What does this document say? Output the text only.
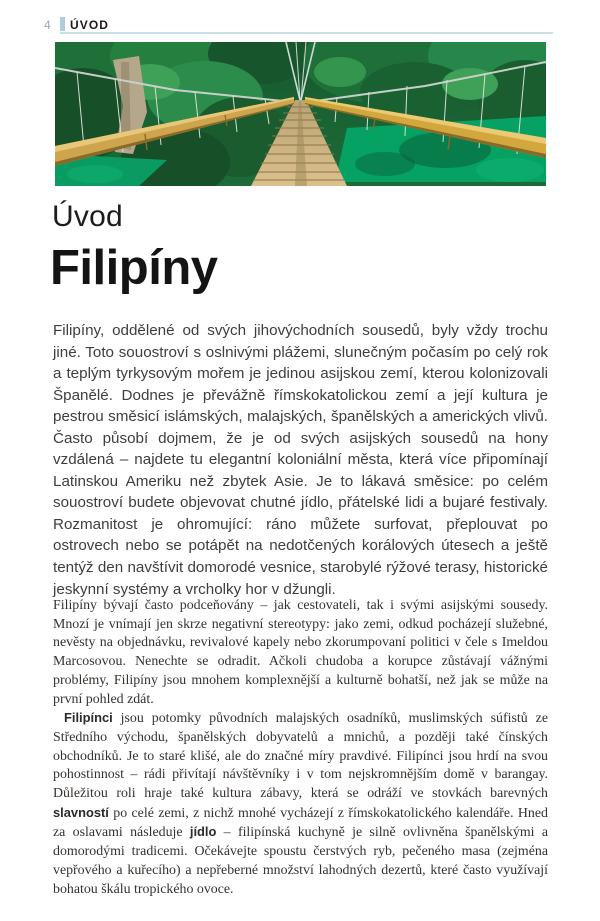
4 ÚVOD
Úvod
Filipíny
Filipíny, oddělené od svých jihovýchodních sousedů, byly vždy trochu jiné. Toto souostroví s oslnivými plážemi, slunečným počasím po celý rok a teplým tyrkysovým mořem je jedinou asijskou zemí, kterou kolonizovali Španělé. Dodnes je převážně římskokatolickou zemí a její kultura je pestrou směsicí islámských, malajských, španělských a amerických vlivů. Často působí dojmem, že je od svých asijských sousedů na hony vzdálená – najdete tu elegantní koloniální města, která více připomínají Latinskou Ameriku než zbytek Asie. Je to lákavá směsice: po celém souostroví budete objevovat chutné jídlo, přátelské lidi a bujaré festivaly. Rozmanitost je ohromující: ráno můžete surfovat, přeplouvat po ostrovech nebo se potápět na nedotčených korálových útesech a ještě tentýž den navštívit domorodé vesnice, starobylé rýžové terasy, historické jeskynní systémy a vrcholky hor v džungli.

Filipíny bývají často podceňovány – jak cestovateli, tak i svými asijskými sousedy. Mnozí je vnímají jen skrze negativní stereotypy: jako zemi, odkud pocházejí služebné, nevěsty na objednávku, revivalové kapely nebo zkorumpovaní politici v čele s Imeldou Marcosovou. Nenechte se odradit. Ačkoli chudoba a korupce zůstávají vážnými problémy, Filipíny jsou mnohem komplexnější a kulturně bohatší, než jak se může na první pohled zdát.

Filipínci jsou potomky původních malajských osadníků, muslimských súfistů ze Středního východu, španělských dobyvatelů a mnichů, a později také čínských obchodníků. Je to staré klišé, ale do značné míry pravdivé. Filipínci jsou hrdí na svou pohostinnost – rádi přivítají návštěvníky i v tom nejskromnějším domě v barangay. Důležitou roli hraje také kultura zábavy, která se odráží ve stovkách barevných slavností po celé zemi, z nichž mnohé vycházejí z římskokatolického kalendáře. Hned za oslavami následuje jídlo – filipínská kuchyně je silně ovlivněna španělskými a domorodými tradicemi. Očekávejte spoustu čerstvých ryb, pečeného masa (zejména vepřového a kuřecího) a nepřeberné množství lahodných dezertů, které často využívají bohatou škálu tropického ovoce.
